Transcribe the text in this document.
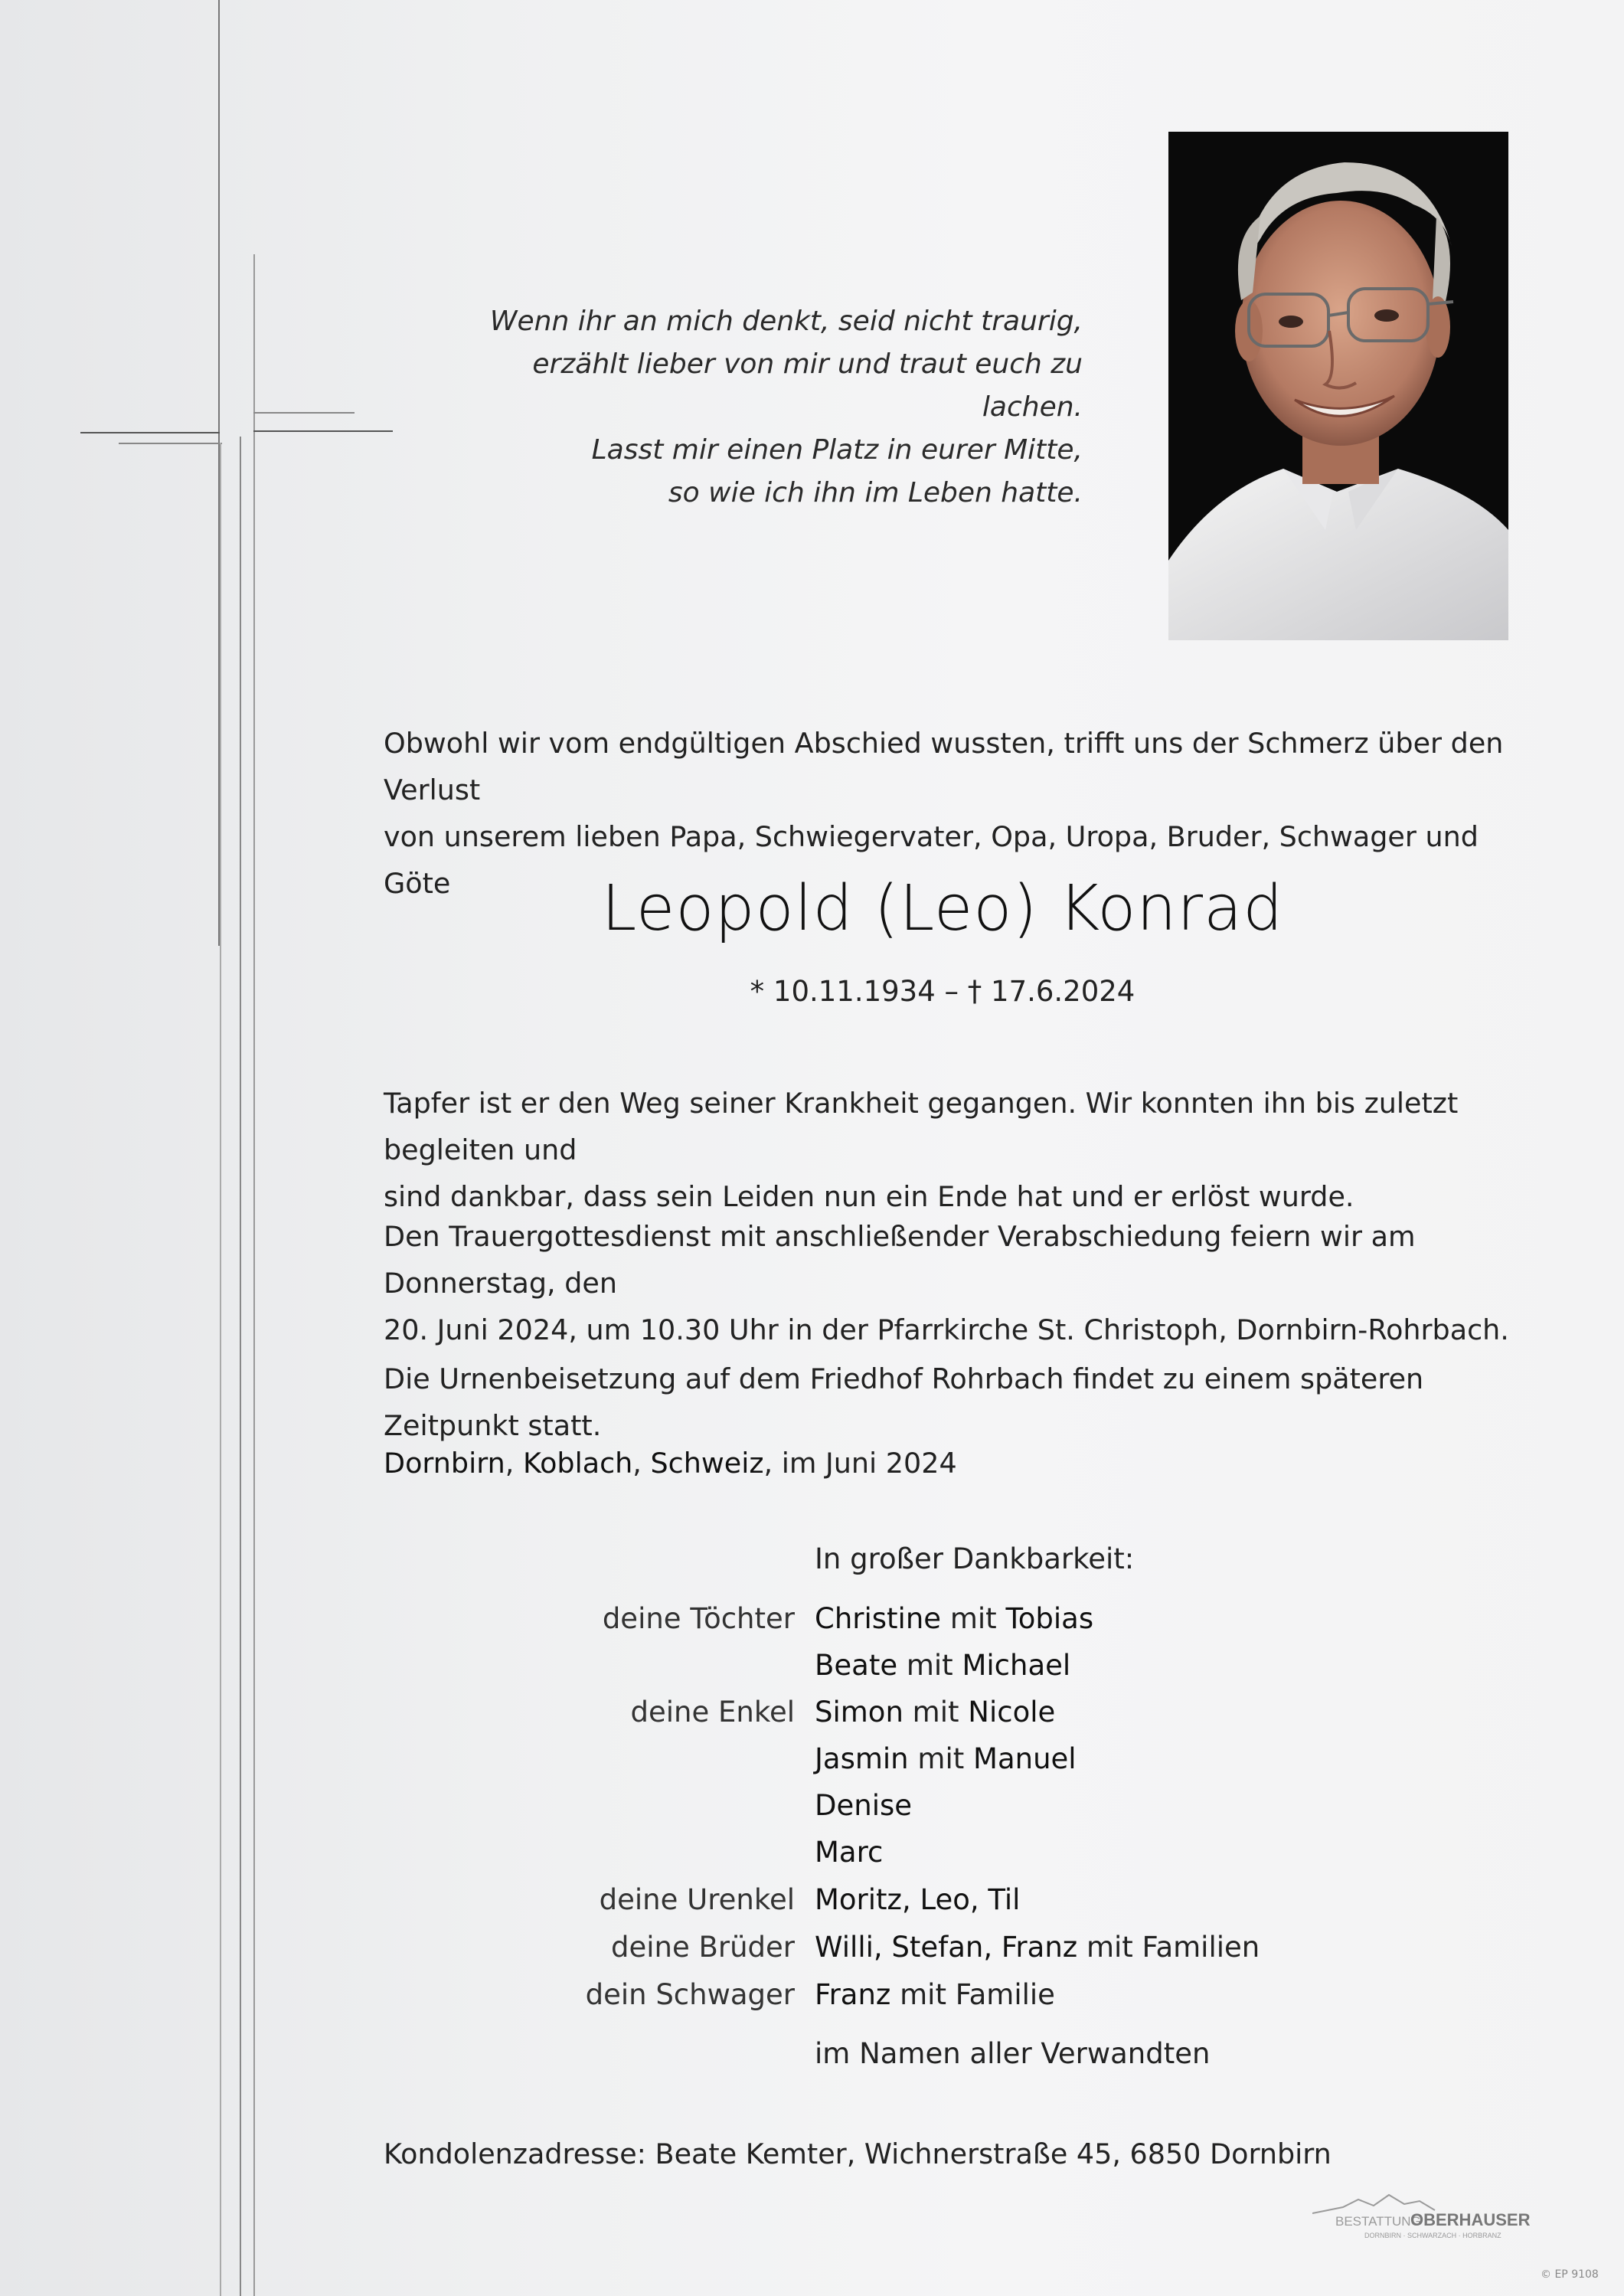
Wenn ihr an mich denkt, seid nicht traurig,
erzählt lieber von mir und traut euch zu lachen.
Lasst mir einen Platz in eurer Mitte,
so wie ich ihn im Leben hatte.
Obwohl wir vom endgültigen Abschied wussten, trifft uns der Schmerz über den Verlust
von unserem lieben Papa, Schwiegervater, Opa, Uropa, Bruder, Schwager und Göte	Leopold (Leo) Konrad
* 10.11.1934 – † 17.6.2024
Tapfer ist er den Weg seiner Krankheit gegangen. Wir konnten ihn bis zuletzt begleiten und
sind dankbar, dass sein Leiden nun ein Ende hat und er erlöst wurde.
Den Trauergottesdienst mit anschließender Verabschiedung feiern wir am Donnerstag, den
20. Juni 2024, um 10.30 Uhr in der Pfarrkirche St. Christoph, Dornbirn-Rohrbach.
Die Urnenbeisetzung auf dem Friedhof Rohrbach findet zu einem späteren Zeitpunkt statt.
Dornbirn, Koblach, Schweiz, im Juni 2024
In großer Dankbarkeit:
deine Töchter Christine mit Tobias
Beate mit Michael
deine Enkel Simon mit Nicole
Jasmin mit Manuel
Denise
Marc
deine Urenkel Moritz, Leo, Til
deine Brüder Willi, Stefan, Franz mit Familien
dein Schwager Franz mit Familie
im Namen aller Verwandten
Kondolenzadresse: Beate Kemter, Wichnerstraße 45, 6850 Dornbirn
BESTATTUNG
OBERHAUSER
DORNBIRN · SCHWARZACH · HORBRANZ
© EP 9108
